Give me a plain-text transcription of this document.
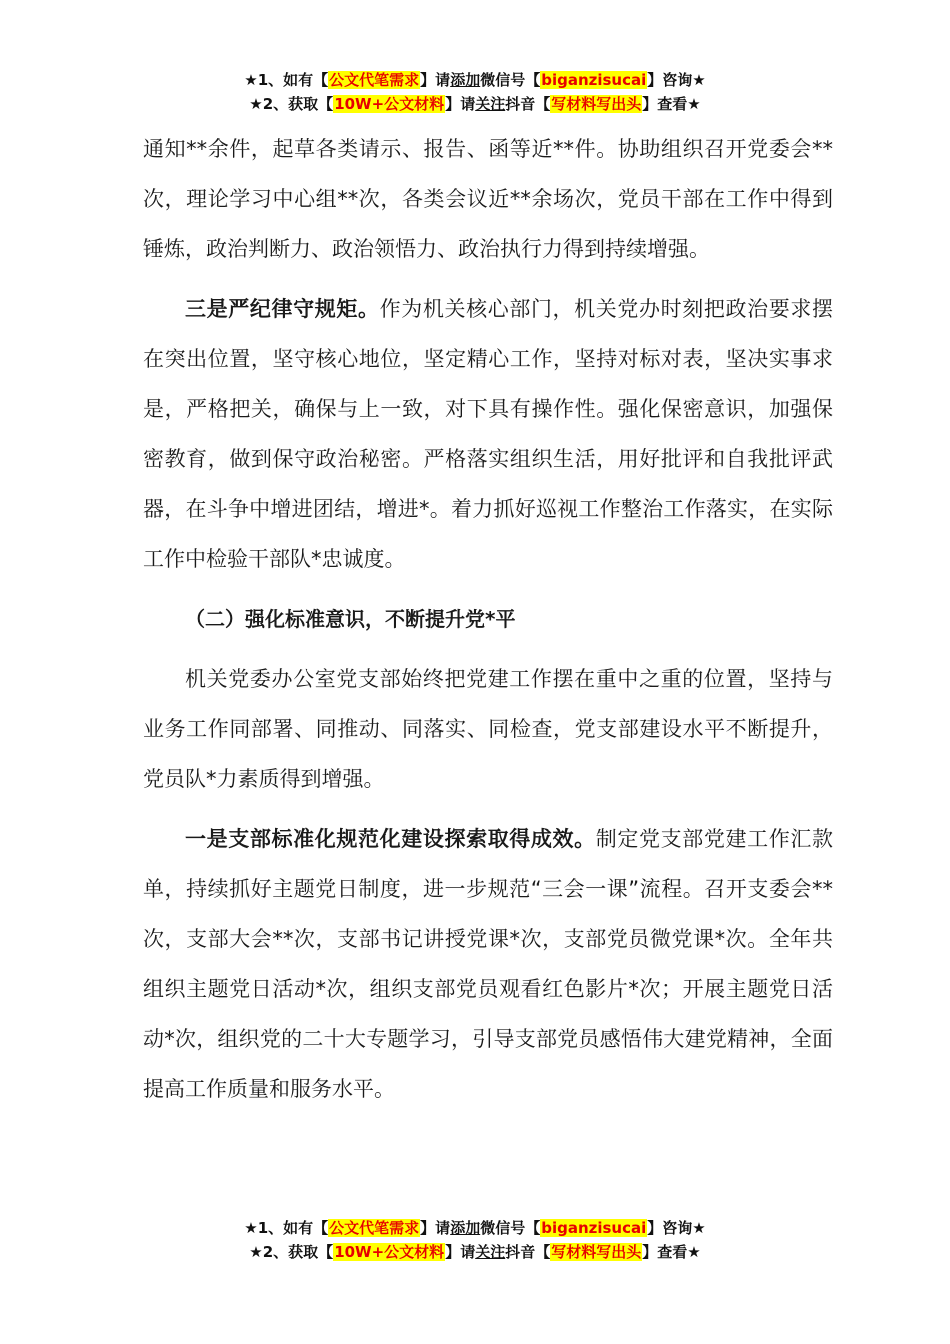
★1、如有【公文代笔需求】请添加微信号【biganzisucai】咨询★
★2、获取【10W+公文材料】请关注抖音【写材料写出头】查看★

通知**余件，起草各类请示、报告、函等近**件。协助组织召开党委会**次，理论学习中心组**次，各类会议近**余场次，党员干部在工作中得到锤炼，政治判断力、政治领悟力、政治执行力得到持续增强。

三是严纪律守规矩。作为机关核心部门，机关党办时刻把政治要求摆在突出位置，坚守核心地位，坚定精心工作，坚持对标对表，坚决实事求是，严格把关，确保与上一致，对下具有操作性。强化保密意识，加强保密教育，做到保守政治秘密。严格落实组织生活，用好批评和自我批评武器，在斗争中增进团结，增进*。着力抓好巡视工作整治工作落实，在实际工作中检验干部队*忠诚度。

（二）强化标准意识，不断提升党*平

机关党委办公室党支部始终把党建工作摆在重中之重的位置，坚持与业务工作同部署、同推动、同落实、同检查，党支部建设水平不断提升，党员队*力素质得到增强。

一是支部标准化规范化建设探索取得成效。制定党支部党建工作汇款单，持续抓好主题党日制度，进一步规范“三会一课”流程。召开支委会**次，支部大会**次，支部书记讲授党课*次，支部党员微党课*次。全年共组织主题党日活动*次，组织支部党员观看红色影片*次；开展主题党日活动*次，组织党的二十大专题学习，引导支部党员感悟伟大建党精神，全面提高工作质量和服务水平。

★1、如有【公文代笔需求】请添加微信号【biganzisucai】咨询★
★2、获取【10W+公文材料】请关注抖音【写材料写出头】查看★
